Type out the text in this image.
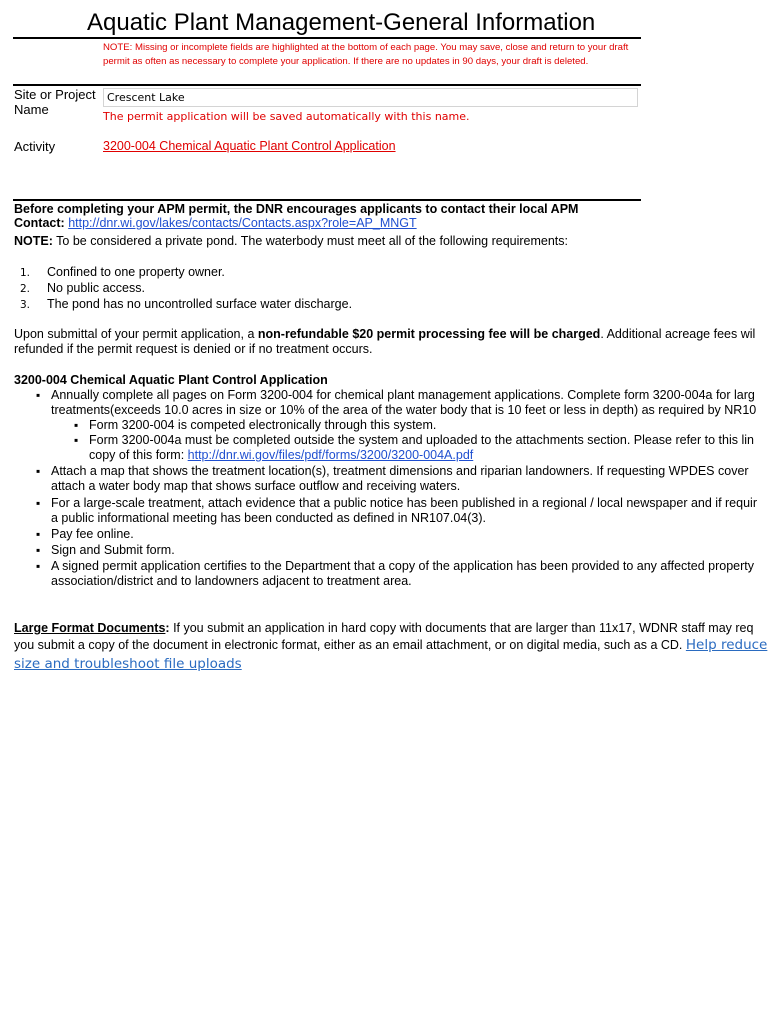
Aquatic Plant Management-General Information
NOTE: Missing or incomplete fields are highlighted at the bottom of each page. You may save, close and return to your draft
permit as often as necessary to complete your application. If there are no updates in 90 days, your draft is deleted.
Site or Project
Name
Crescent Lake
The permit application will be saved automatically with this name.
Activity	3200-004 Chemical Aquatic Plant Control Application
Before completing your APM permit, the DNR encourages applicants to contact their local APM
Contact: http://dnr.wi.gov/lakes/contacts/Contacts.aspx?role=AP_MNGT
NOTE: To be considered a private pond. The waterbody must meet all of the following requirements:
1. Confined to one property owner.
2. No public access.
3. The pond has no uncontrolled surface water discharge.
Upon submittal of your permit application, a non-refundable $20 permit processing fee will be charged. Additional acreage fees wil
refunded if the permit request is denied or if no treatment occurs.
3200-004 Chemical Aquatic Plant Control Application
▪ Annually complete all pages on Form 3200-004 for chemical plant management applications. Complete form 3200-004a for larg
treatments(exceeds 10.0 acres in size or 10% of the area of the water body that is 10 feet or less in depth) as required by NR10
▪ Form 3200-004 is competed electronically through this system.
▪ Form 3200-004a must be completed outside the system and uploaded to the attachments section. Please refer to this lin
copy of this form: http://dnr.wi.gov/files/pdf/forms/3200/3200-004A.pdf
▪ Attach a map that shows the treatment location(s), treatment dimensions and riparian landowners. If requesting WPDES cover
attach a water body map that shows surface outflow and receiving waters.
▪ For a large-scale treatment, attach evidence that a public notice has been published in a regional / local newspaper and if requir
a public informational meeting has been conducted as defined in NR107.04(3).
▪ Pay fee online.
▪ Sign and Submit form.
▪ A signed permit application certifies to the Department that a copy of the application has been provided to any affected property
association/district and to landowners adjacent to treatment area.
Large Format Documents: If you submit an application in hard copy with documents that are larger than 11x17, WDNR staff may req
you submit a copy of the document in electronic format, either as an email attachment, or on digital media, such as a CD. Help reduce
size and troubleshoot file uploads
